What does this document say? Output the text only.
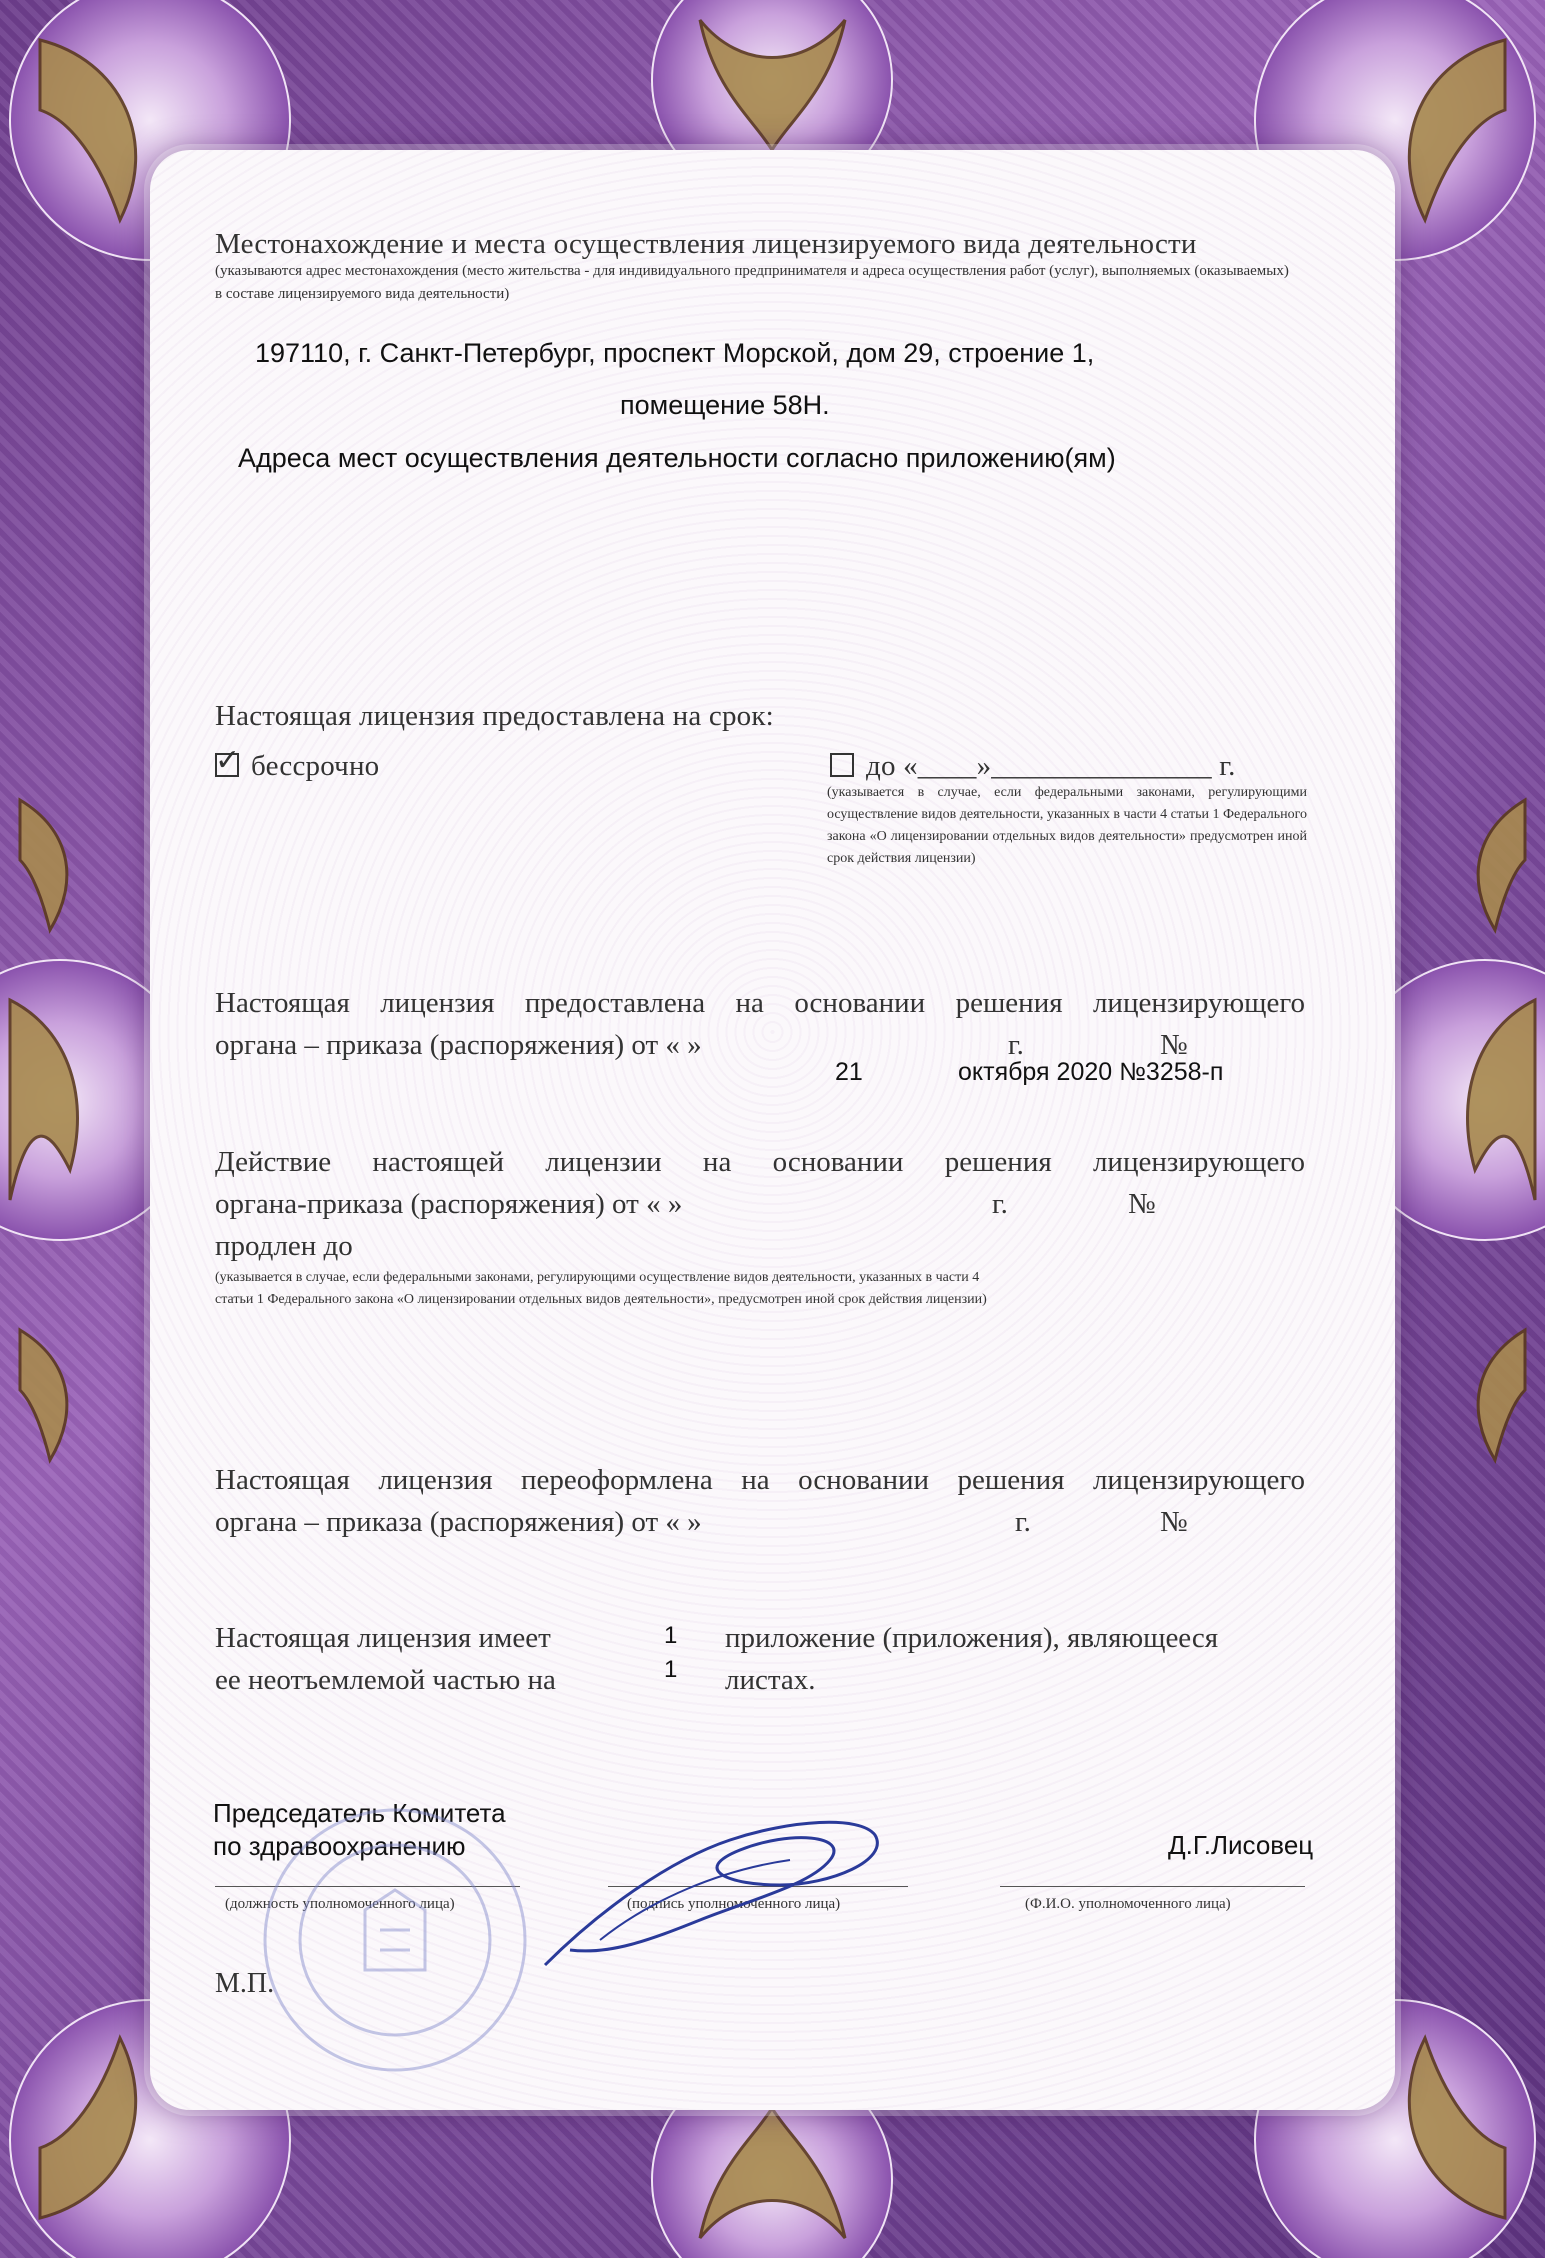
Местонахождение и места осуществления лицензируемого вида деятельности
(указываются адрес местонахождения (место жительства - для индивидуального предпринимателя и адреса осуществления работ (услуг), выполняемых (оказываемых) в составе лицензируемого вида деятельности)
197110, г. Санкт-Петербург, проспект Морской, дом 29, строение 1,
помещение 58Н.
Адреса мест осуществления деятельности согласно приложению(ям)
Настоящая лицензия предоставлена на срок:
✓ бессрочно	до «____»_______________ г.
(указывается в случае, если федеральными законами, регулирующими осуществление видов деятельности, указанных в части 4 статьи 1 Федерального закона «О лицензировании отдельных видов деятельности» предусмотрен иной срок действия лицензии)
Настоящая лицензия предоставлена на основании решения лицензирующего
органа – приказа (распоряжения) от « »	г.	№
21	октября 2020 №3258-п
Действие настоящей лицензии на основании решения лицензирующего
органа-приказа (распоряжения) от « »	г.	№
продлен до
(указывается в случае, если федеральными законами, регулирующими осуществление видов деятельности, указанных в части 4 статьи 1 Федерального закона «О лицензировании отдельных видов деятельности», предусмотрен иной срок действия лицензии)
Настоящая лицензия переоформлена на основании решения лицензирующего
органа – приказа (распоряжения) от « »	г.	№
Настоящая лицензия имеет	1 приложение (приложения), являющееся
ее неотъемлемой частью на	1 листах.
Председатель Комитета
по здравоохранению	Д.Г.Лисовец
(должность уполномоченного лица)	(подпись уполномоченного лица)	(Ф.И.О. уполномоченного лица)
М.П.
